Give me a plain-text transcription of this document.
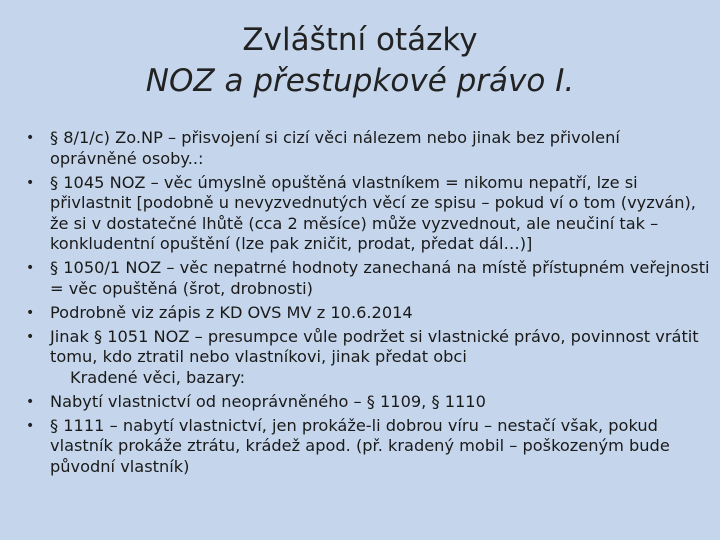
Zvláštní otázky
NOZ a přestupkové právo I.
• § 8/1/c) Zo.NP – přisvojení si cizí věci nálezem nebo jinak bez přivolení oprávněné osoby..:
• § 1045 NOZ – věc úmyslně opuštěná vlastníkem = nikomu nepatří, lze si přivlastnit [podobně u nevyzvednutých věcí ze spisu – pokud ví o tom (vyzván), že si v dostatečné lhůtě (cca 2 měsíce) může vyzvednout, ale neučiní tak – konkludentní opuštění (lze pak zničit, prodat, předat dál…)]
• § 1050/1 NOZ – věc nepatrné hodnoty zanechaná na místě přístupném veřejnosti = věc opuštěná (šrot, drobnosti)
• Podrobně viz zápis z KD OVS MV z 10.6.2014
• Jinak § 1051 NOZ – presumpce vůle podržet si vlastnické právo, povinnost vrátit tomu, kdo ztratil nebo vlastníkovi, jinak předat obci
Kradené věci, bazary:
• Nabytí vlastnictví od neoprávněného – § 1109, § 1110
• § 1111 – nabytí vlastnictví, jen prokáže-li dobrou víru – nestačí však, pokud vlastník prokáže ztrátu, krádež apod. (př. kradený mobil – poškozeným bude původní vlastník)
